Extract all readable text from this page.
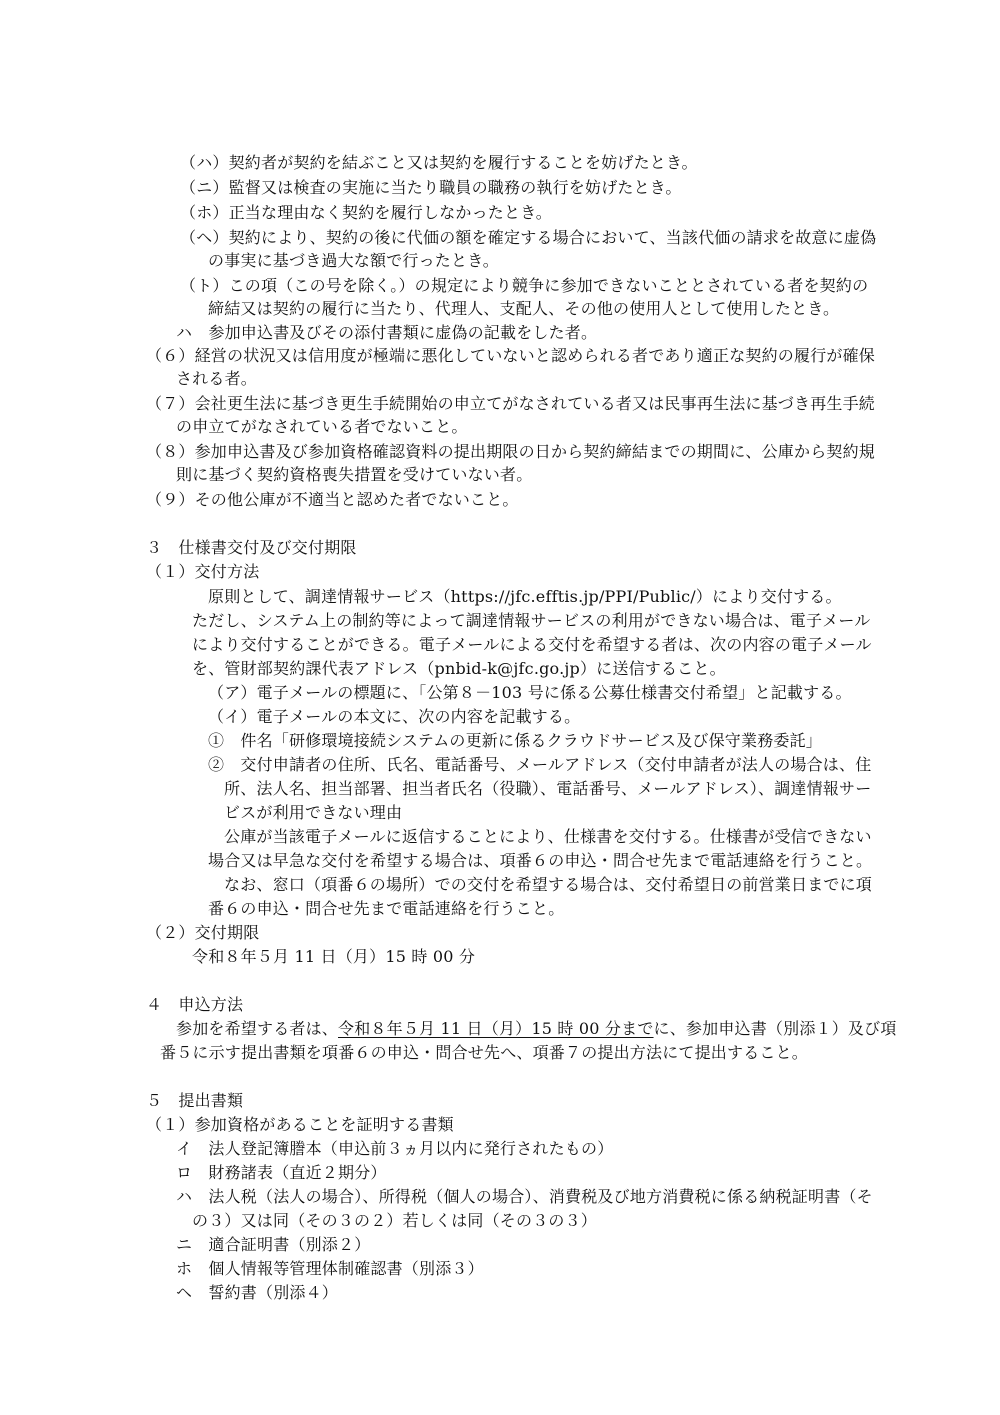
（ハ）契約者が契約を結ぶこと又は契約を履行することを妨げたとき。
（ニ）監督又は検査の実施に当たり職員の職務の執行を妨げたとき。
（ホ）正当な理由なく契約を履行しなかったとき。
（ヘ）契約により、契約の後に代価の額を確定する場合において、当該代価の請求を故意に虚偽
の事実に基づき過大な額で行ったとき。
（ト）この項（この号を除く。）の規定により競争に参加できないこととされている者を契約の
締結又は契約の履行に当たり、代理人、支配人、その他の使用人として使用したとき。
ハ　参加申込書及びその添付書類に虚偽の記載をした者。
（６）経営の状況又は信用度が極端に悪化していないと認められる者であり適正な契約の履行が確保
される者。
（７）会社更生法に基づき更生手続開始の申立てがなされている者又は民事再生法に基づき再生手続
の申立てがなされている者でないこと。
（８）参加申込書及び参加資格確認資料の提出期限の日から契約締結までの期間に、公庫から契約規
則に基づく契約資格喪失措置を受けていない者。
（９）その他公庫が不適当と認めた者でないこと。
３　仕様書交付及び交付期限
（１）交付方法
原則として、調達情報サービス（https://jfc.efftis.jp/PPI/Public/）により交付する。
ただし、システム上の制約等によって調達情報サービスの利用ができない場合は、電子メール
により交付することができる。電子メールによる交付を希望する者は、次の内容の電子メール
を、管財部契約課代表アドレス（pnbid-k@jfc.go.jp）に送信すること。
（ア）電子メールの標題に、「公第８－103 号に係る公募仕様書交付希望」と記載する。
（イ）電子メールの本文に、次の内容を記載する。
①　件名「研修環境接続システムの更新に係るクラウドサービス及び保守業務委託」
②　交付申請者の住所、氏名、電話番号、メールアドレス（交付申請者が法人の場合は、住
所、法人名、担当部署、担当者氏名（役職）、電話番号、メールアドレス）、調達情報サー
ビスが利用できない理由
公庫が当該電子メールに返信することにより、仕様書を交付する。仕様書が受信できない
場合又は早急な交付を希望する場合は、項番６の申込・問合せ先まで電話連絡を行うこと。
なお、窓口（項番６の場所）での交付を希望する場合は、交付希望日の前営業日までに項
番６の申込・問合せ先まで電話連絡を行うこと。
（２）交付期限
令和８年５月 11 日（月）15 時 00 分
４　申込方法
参加を希望する者は、令和８年５月 11 日（月）15 時 00 分までに、参加申込書（別添１）及び項
番５に示す提出書類を項番６の申込・問合せ先へ、項番７の提出方法にて提出すること。
５　提出書類
（１）参加資格があることを証明する書類
イ　法人登記簿謄本（申込前３ヵ月以内に発行されたもの）
ロ　財務諸表（直近２期分）
ハ　法人税（法人の場合）、所得税（個人の場合）、消費税及び地方消費税に係る納税証明書（そ
の３）又は同（その３の２）若しくは同（その３の３）
ニ　適合証明書（別添２）
ホ　個人情報等管理体制確認書（別添３）
ヘ　誓約書（別添４）
